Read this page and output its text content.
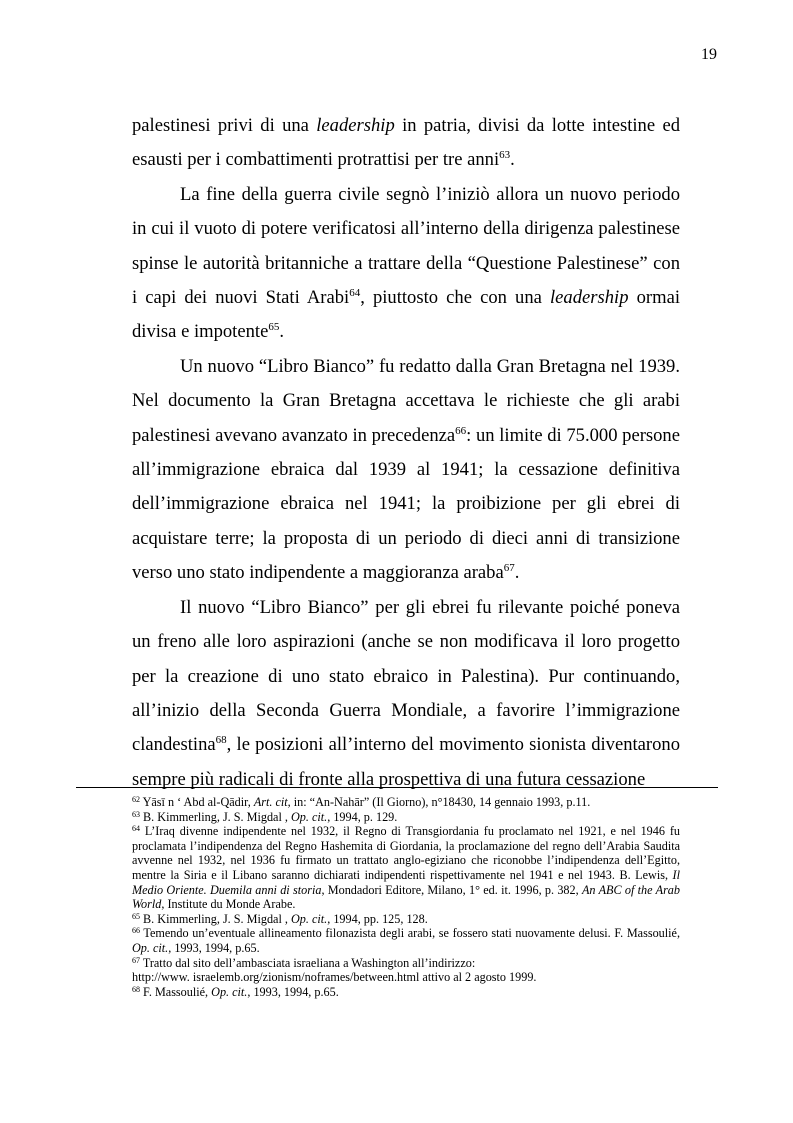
19

palestinesi privi di una leadership in patria, divisi da lotte intestine ed esausti per i combattimenti protrattisi per tre anni$^{63}$.

La fine della guerra civile segnò l’iniziò allora un nuovo periodo in cui il vuoto di potere verificatosi all’interno della dirigenza palestinese spinse le autorità britanniche a trattare della “Questione Palestinese” con i capi dei nuovi Stati Arabi$^{64}$, piuttosto che con una leadership ormai divisa e impotente$^{65}$.

Un nuovo “Libro Bianco” fu redatto dalla Gran Bretagna nel 1939. Nel documento la Gran Bretagna accettava le richieste che gli arabi palestinesi avevano avanzato in precedenza$^{66}$: un limite di 75.000 persone all’immigrazione ebraica dal 1939 al 1941; la cessazione definitiva dell’immigrazione ebraica nel 1941; la proibizione per gli ebrei di acquistare terre; la proposta di un periodo di dieci anni di transizione verso uno stato indipendente a maggioranza araba$^{67}$.

Il nuovo “Libro Bianco” per gli ebrei fu rilevante poiché poneva un freno alle loro aspirazioni (anche se non modificava il loro progetto per la creazione di uno stato ebraico in Palestina). Pur continuando, all’inizio della Seconda Guerra Mondiale, a favorire l’immigrazione clandestina$^{68}$, le posizioni all’interno del movimento sionista diventarono sempre più radicali di fronte alla prospettiva di una futura cessazione

$^{62}$ Yāsī n ‘ Abd al-Qādir, Art. cit, in: “An-Nahār” (Il Giorno), n°18430, 14 gennaio 1993, p.11.

$^{63}$ B. Kimmerling, J. S. Migdal , Op. cit., 1994, p. 129.

$^{64}$ L’Iraq divenne indipendente nel 1932, il Regno di Transgiordania fu proclamato nel 1921, e nel 1946 fu proclamata l’indipendenza del Regno Hashemita di Giordania, la proclamazione del regno dell’Arabia Saudita avvenne nel 1932, nel 1936 fu firmato un trattato anglo-egiziano che riconobbe l’indipendenza dell’Egitto, mentre la Siria e il Libano saranno dichiarati indipendenti rispettivamente nel 1941 e nel 1943. B. Lewis, Il Medio Oriente. Duemila anni di storia, Mondadori Editore, Milano, 1° ed. it. 1996, p. 382, An ABC of the Arab World, Institute du Monde Arabe.

$^{65}$ B. Kimmerling, J. S. Migdal , Op. cit., 1994, pp. 125, 128.

$^{66}$ Temendo un’eventuale allineamento filonazista degli arabi, se fossero stati nuovamente delusi. F. Massoulié, Op. cit., 1993, 1994, p.65.

$^{67}$ Tratto dal sito dell’ambasciata israeliana a Washington all’indirizzo:
http://www. israelemb.org/zionism/noframes/between.html attivo al 2 agosto 1999.

$^{68}$ F. Massoulié, Op. cit., 1993, 1994, p.65.
